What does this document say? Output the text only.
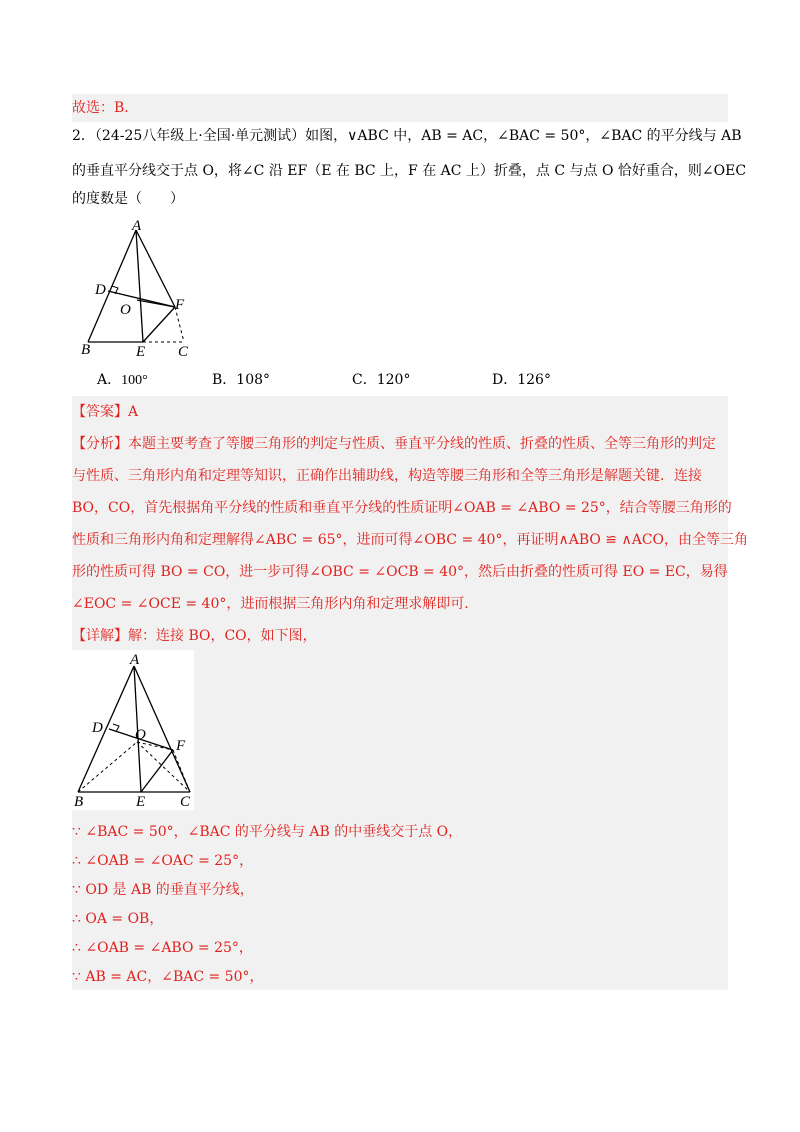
故选：B．
2．（24-25八年级上·全国·单元测试）如图，∨ABC 中，AB = AC，∠BAC = 50°，∠BAC 的平分线与 AB
的垂直平分线交于点 O，将∠C 沿 EF（E 在 BC 上，F 在 AC 上）折叠，点 C 与点 O 恰好重合，则∠OEC
的度数是（　　）
A
B	C
D
E
F
O
A．100°	B．108°	C．120°	D．126°
【答案】A
【分析】本题主要考查了等腰三角形的判定与性质、垂直平分线的性质、折叠的性质、全等三角形的判定
与性质、三角形内角和定理等知识，正确作出辅助线，构造等腰三角形和全等三角形是解题关键．连接
BO，CO，首先根据角平分线的性质和垂直平分线的性质证明∠OAB = ∠ABO = 25°，结合等腰三角形的
性质和三角形内角和定理解得∠ABC = 65°，进而可得∠OBC = 40°，再证明∧ABO ≌ ∧ACO，由全等三角
形的性质可得 BO = CO，进一步可得∠OBC = ∠OCB = 40°，然后由折叠的性质可得 EO = EC，易得
∠EOC = ∠OCE = 40°，进而根据三角形内角和定理求解即可．
【详解】解：连接 BO，CO，如下图，
A
B	C
D
E
F
O
∵ ∠BAC = 50°，∠BAC 的平分线与 AB 的中垂线交于点 O，
∴ ∠OAB = ∠OAC = 25°，
∵ OD 是 AB 的垂直平分线，
∴ OA = OB，
∴ ∠OAB = ∠ABO = 25°，
∵ AB = AC，∠BAC = 50°，
